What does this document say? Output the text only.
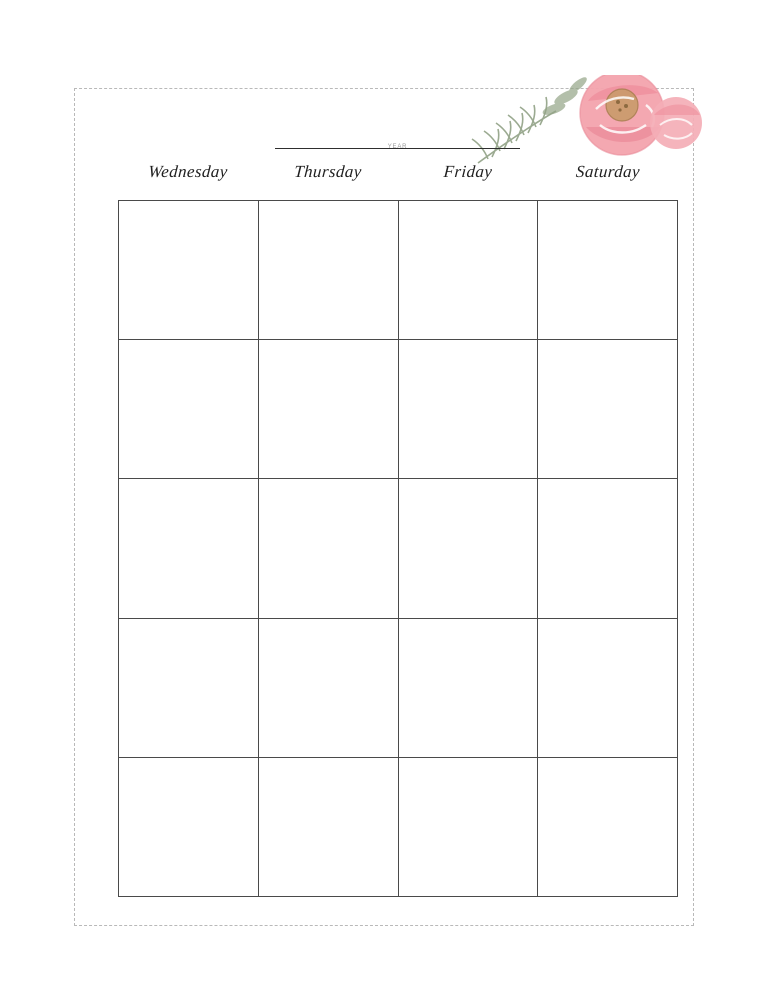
YEAR
Wednesday	Thursday	Friday	Saturday
